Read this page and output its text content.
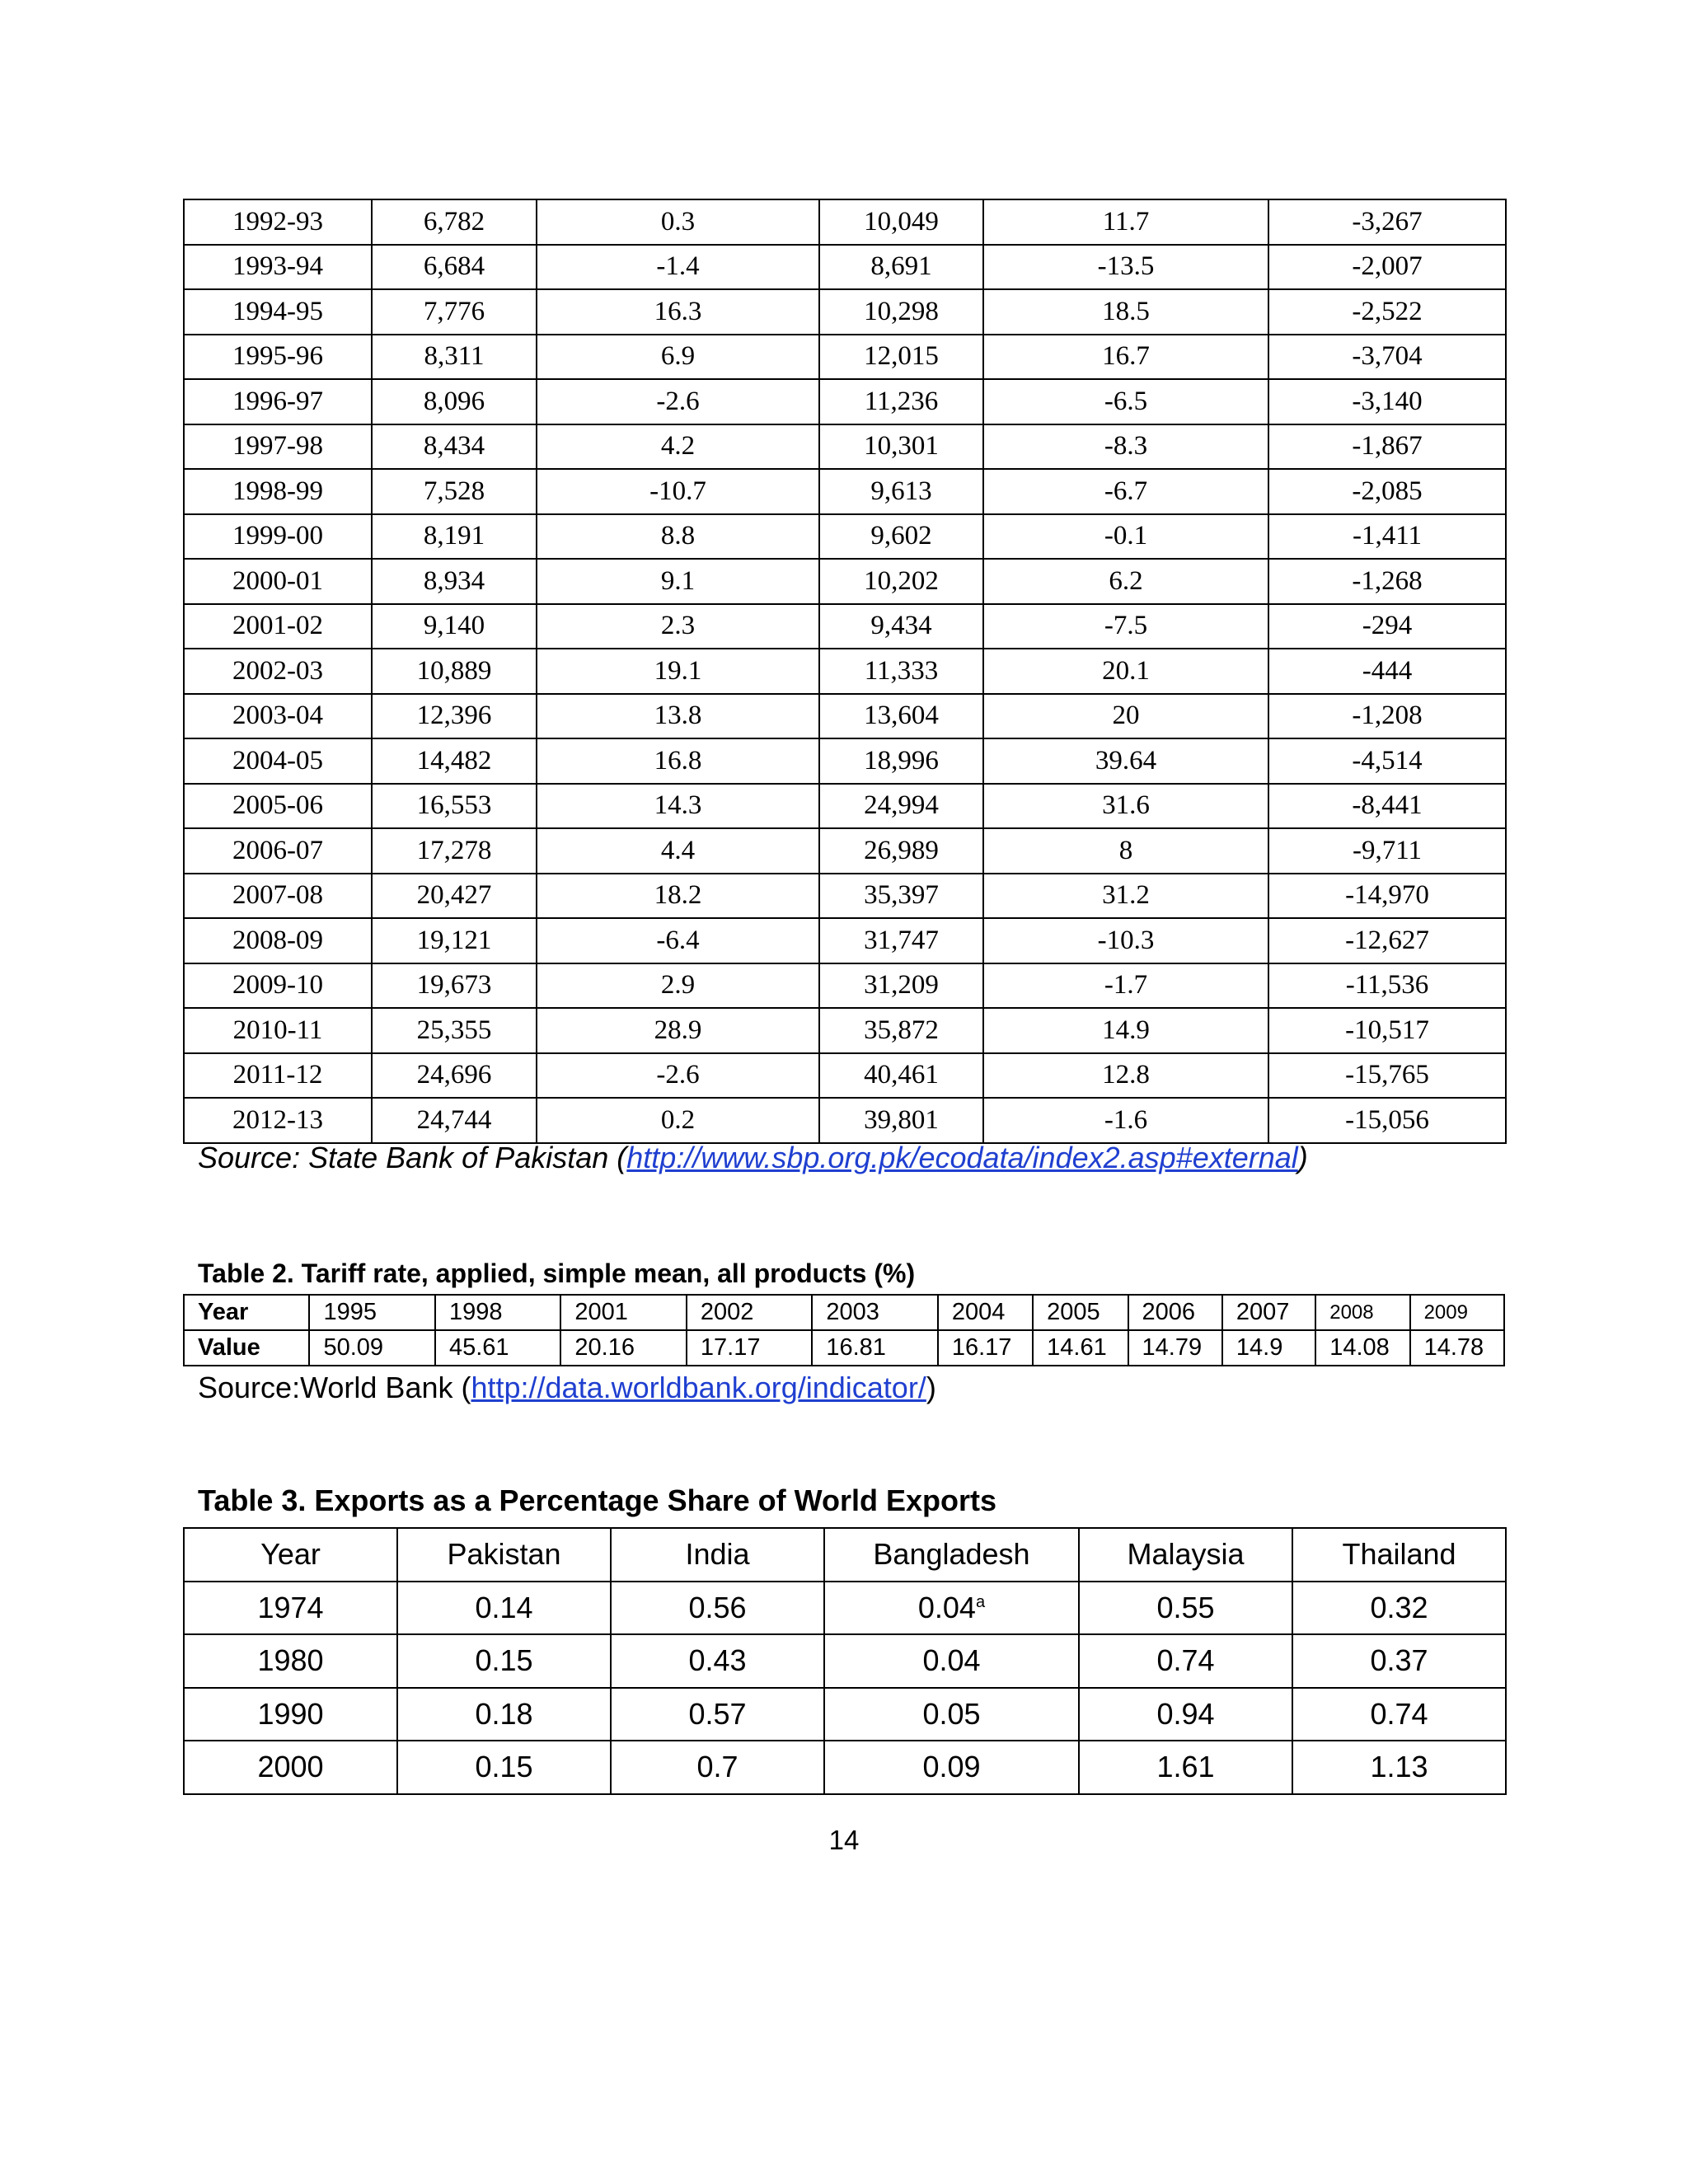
1992-93	6,782	0.3	10,049	11.7	-3,267
1993-94	6,684	-1.4	8,691	-13.5	-2,007
1994-95	7,776	16.3	10,298	18.5	-2,522
1995-96	8,311	6.9	12,015	16.7	-3,704
1996-97	8,096	-2.6	11,236	-6.5	-3,140
1997-98	8,434	4.2	10,301	-8.3	-1,867
1998-99	7,528	-10.7	9,613	-6.7	-2,085
1999-00	8,191	8.8	9,602	-0.1	-1,411
2000-01	8,934	9.1	10,202	6.2	-1,268
2001-02	9,140	2.3	9,434	-7.5	-294
2002-03	10,889	19.1	11,333	20.1	-444
2003-04	12,396	13.8	13,604	20	-1,208
2004-05	14,482	16.8	18,996	39.64	-4,514
2005-06	16,553	14.3	24,994	31.6	-8,441
2006-07	17,278	4.4	26,989	8	-9,711
2007-08	20,427	18.2	35,397	31.2	-14,970
2008-09	19,121	-6.4	31,747	-10.3	-12,627
2009-10	19,673	2.9	31,209	-1.7	-11,536
2010-11	25,355	28.9	35,872	14.9	-10,517
2011-12	24,696	-2.6	40,461	12.8	-15,765
2012-13	24,744	0.2	39,801	-1.6	-15,056
Source: State Bank of Pakistan (http://www.sbp.org.pk/ecodata/index2.asp#external)
Table 2. Tariff rate, applied, simple mean, all products (%)
Year	1995	1998	2001	2002	2003	2004	2005	2006	2007	2008	2009
Value	50.09	45.61	20.16	17.17	16.81	16.17	14.61	14.79	14.9	14.08	14.78
Source:World Bank (http://data.worldbank.org/indicator/)
Table 3. Exports as a Percentage Share of World Exports
Year	Pakistan	India	Bangladesh	Malaysia	Thailand
1974	0.14	0.56	0.04$^a$	0.55	0.32
1980	0.15	0.43	0.04	0.74	0.37
1990	0.18	0.57	0.05	0.94	0.74
2000	0.15	0.7	0.09	1.61	1.13
14
